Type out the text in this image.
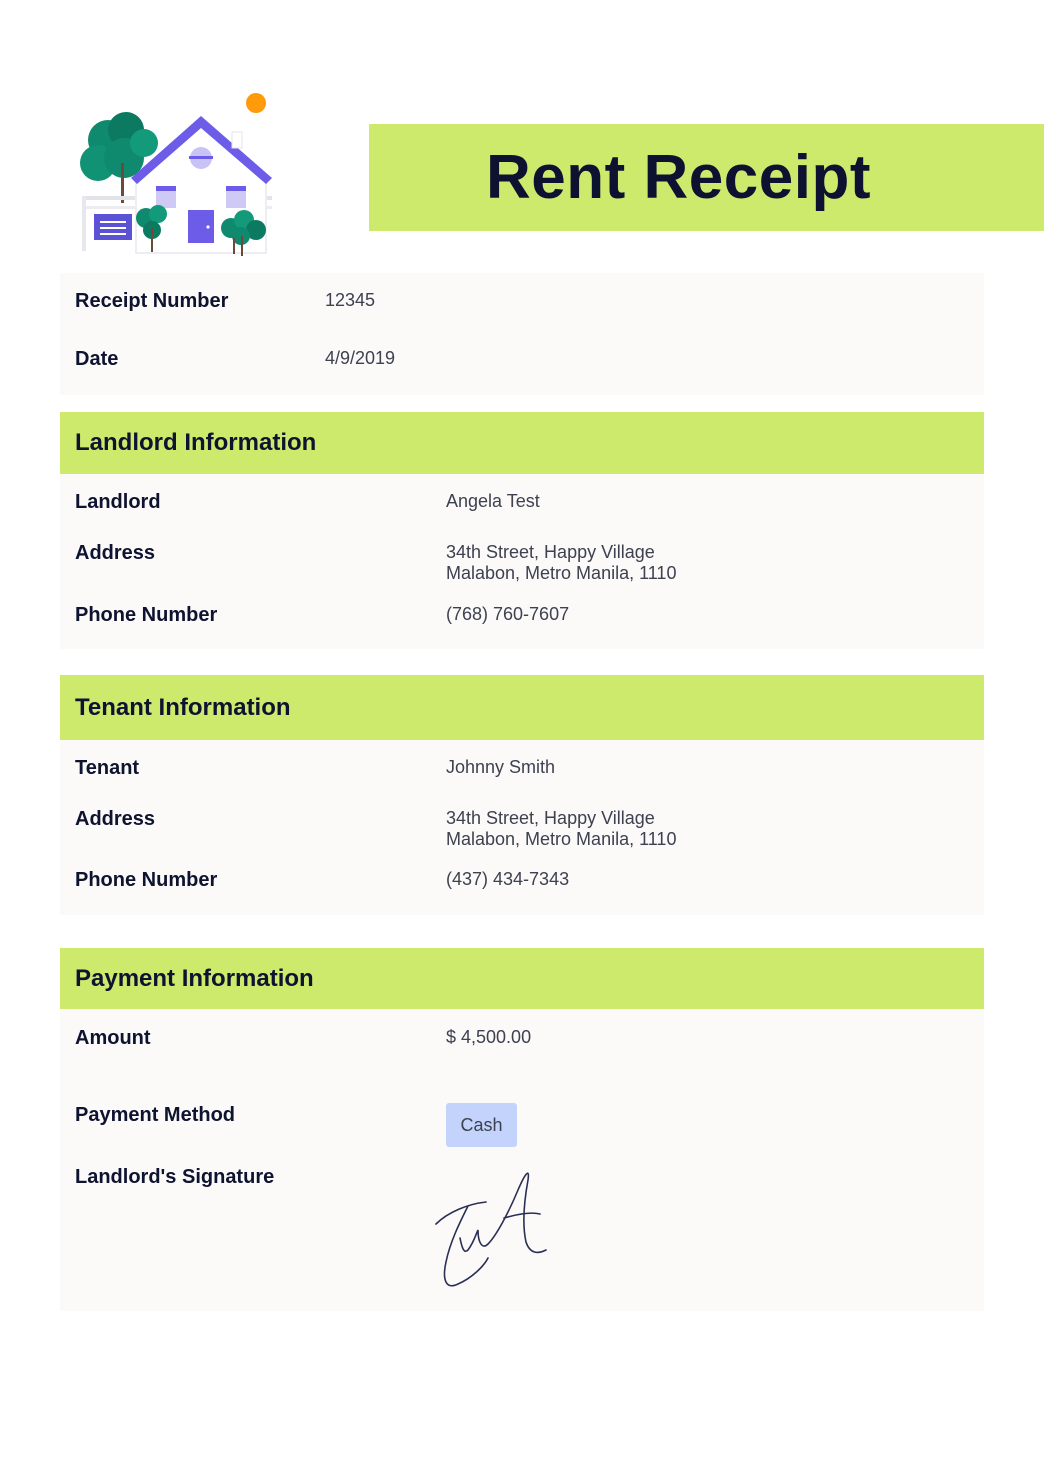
Rent Receipt
Receipt Number	12345
Date	4/9/2019
Landlord Information
Landlord	Angela Test
Address	34th Street, Happy Village
Malabon, Metro Manila, 1110
Phone Number	(768) 760-7607
Tenant Information
Tenant	Johnny Smith
Address	34th Street, Happy Village
Malabon, Metro Manila, 1110
Phone Number	(437) 434-7343
Payment Information
Amount	$ 4,500.00
Payment Method	Cash
Landlord's Signature
